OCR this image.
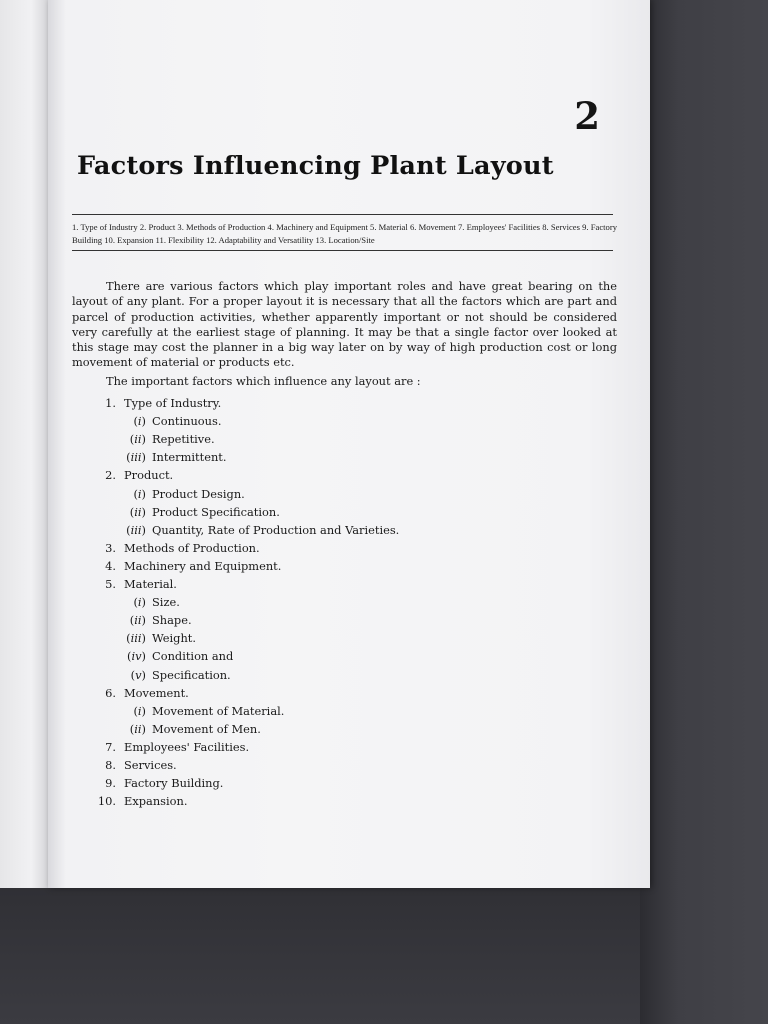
2
Factors Influencing Plant Layout
1. Type of Industry 2. Product 3. Methods of Production 4. Machinery and Equipment 5. Material 6. Movement 7. Employees' Facilities 8. Services 9. Factory Building 10. Expansion 11. Flexibility 12. Adaptability and Versatility 13. Location/Site

There are various factors which play important roles and have great bearing on the layout of any plant. For a proper layout it is necessary that all the factors which are part and parcel of production activities, whether apparently important or not should be considered very carefully at the earliest stage of planning. It may be that a single factor over looked at this stage may cost the planner in a big way later on by way of high production cost or long movement of material or products etc.

The important factors which influence any layout are :

1. Type of Industry.
(i) Continuous.
(ii) Repetitive.
(iii) Intermittent.
2. Product.
(i) Product Design.
(ii) Product Specification.
(iii) Quantity, Rate of Production and Varieties.
3. Methods of Production.
4. Machinery and Equipment.
5. Material.
(i) Size.
(ii) Shape.
(iii) Weight.
(iv) Condition and
(v) Specification.
6. Movement.
(i) Movement of Material.
(ii) Movement of Men.
7. Employees' Facilities.
8. Services.
9. Factory Building.
10. Expansion.
